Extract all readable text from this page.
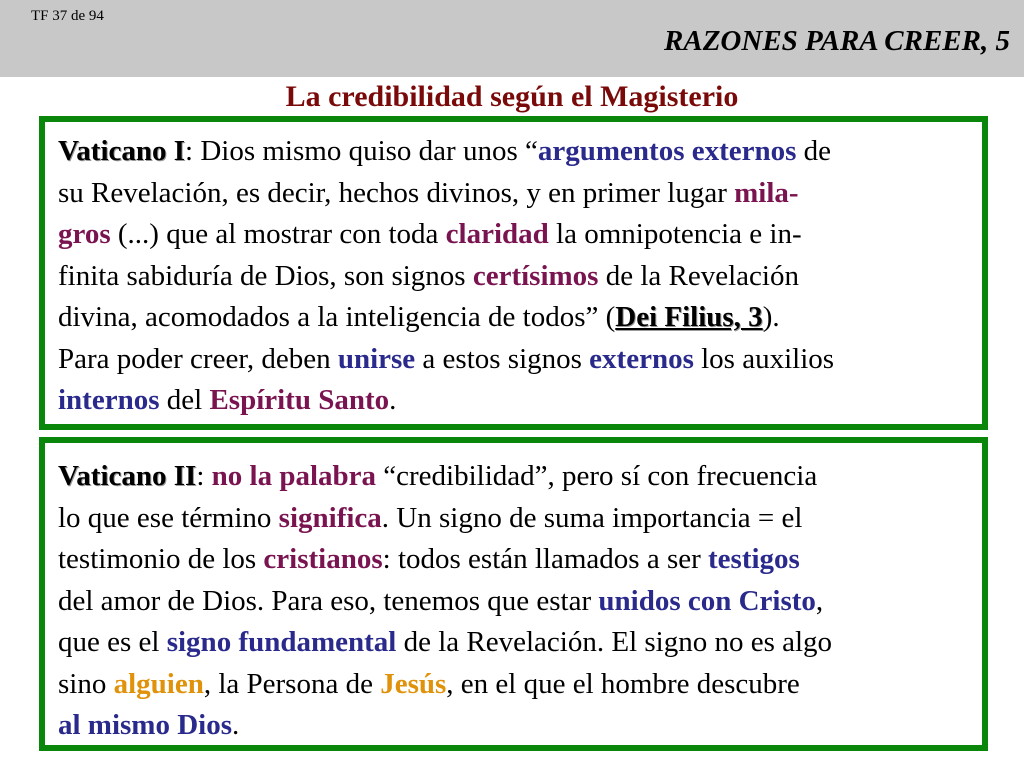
TF 37 de 94
RAZONES PARA CREER, 5
La credibilidad según el Magisterio
Vaticano I: Dios mismo quiso dar unos “argumentos externos de
su Revelación, es decir, hechos divinos, y en primer lugar mila-
gros (...) que al mostrar con toda claridad la omnipotencia e in-
finita sabiduría de Dios, son signos certísimos de la Revelación
divina, acomodados a la inteligencia de todos” (Dei Filius, 3).
Para poder creer, deben unirse a estos signos externos los auxilios
internos del Espíritu Santo.
Vaticano II: no la palabra “credibilidad”, pero sí con frecuencia
lo que ese término significa. Un signo de suma importancia = el
testimonio de los cristianos: todos están llamados a ser testigos
del amor de Dios. Para eso, tenemos que estar unidos con Cristo,
que es el signo fundamental de la Revelación. El signo no es algo
sino alguien, la Persona de Jesús, en el que el hombre descubre
al mismo Dios.
